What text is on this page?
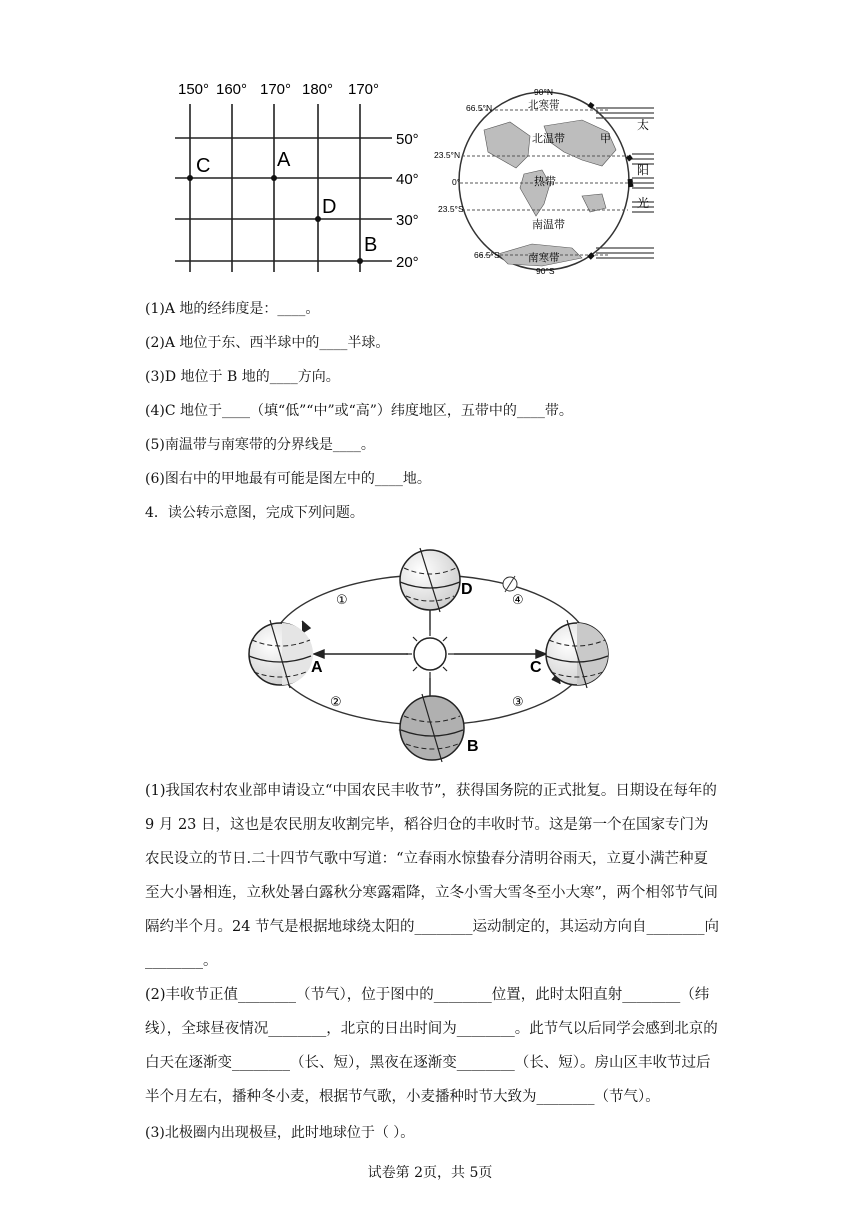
150° 160° 170° 180° 170°
50°
40°
30°
20°
C	A
D
B
90°N
66.5°N
23.5°N
0°
23.5°S
66.5°S
90°S
北寒带
北温带
热带
南温带
南寒带
甲
太
阳
光
(1)A 地的经纬度是：____。
(2)A 地位于东、西半球中的____半球。
(3)D 地位于 B 地的____方向。
(4)C 地位于____（填“低”“中”或“高”）纬度地区，五带中的____带。
(5)南温带与南寒带的分界线是____。
(6)图右中的甲地最有可能是图左中的____地。
4．读公转示意图，完成下列问题。
A
B
C
D
①
②	③
④
(1)我国农村农业部申请设立“中国农民丰收节”，获得国务院的正式批复。日期设在每年的 9 月 23 日，这也是农民朋友收割完毕，稻谷归仓的丰收时节。这是第一个在国家专门为农民设立的节日.二十四节气歌中写道：“立春雨水惊蛰春分清明谷雨天，立夏小满芒种夏至大小暑相连，立秋处暑白露秋分寒露霜降，立冬小雪大雪冬至小大寒”，两个相邻节气间隔约半个月。24 节气是根据地球绕太阳的________运动制定的，其运动方向自________向________。
(2)丰收节正值________（节气），位于图中的________位置，此时太阳直射________（纬线），全球昼夜情况________，北京的日出时间为________。此节气以后同学会感到北京的白天在逐渐变________（长、短），黑夜在逐渐变________（长、短）。房山区丰收节过后半个月左右，播种冬小麦，根据节气歌，小麦播种时节大致为________（节气）。
(3)北极圈内出现极昼，此时地球位于（ ）。
试卷第 2页，共 5页
